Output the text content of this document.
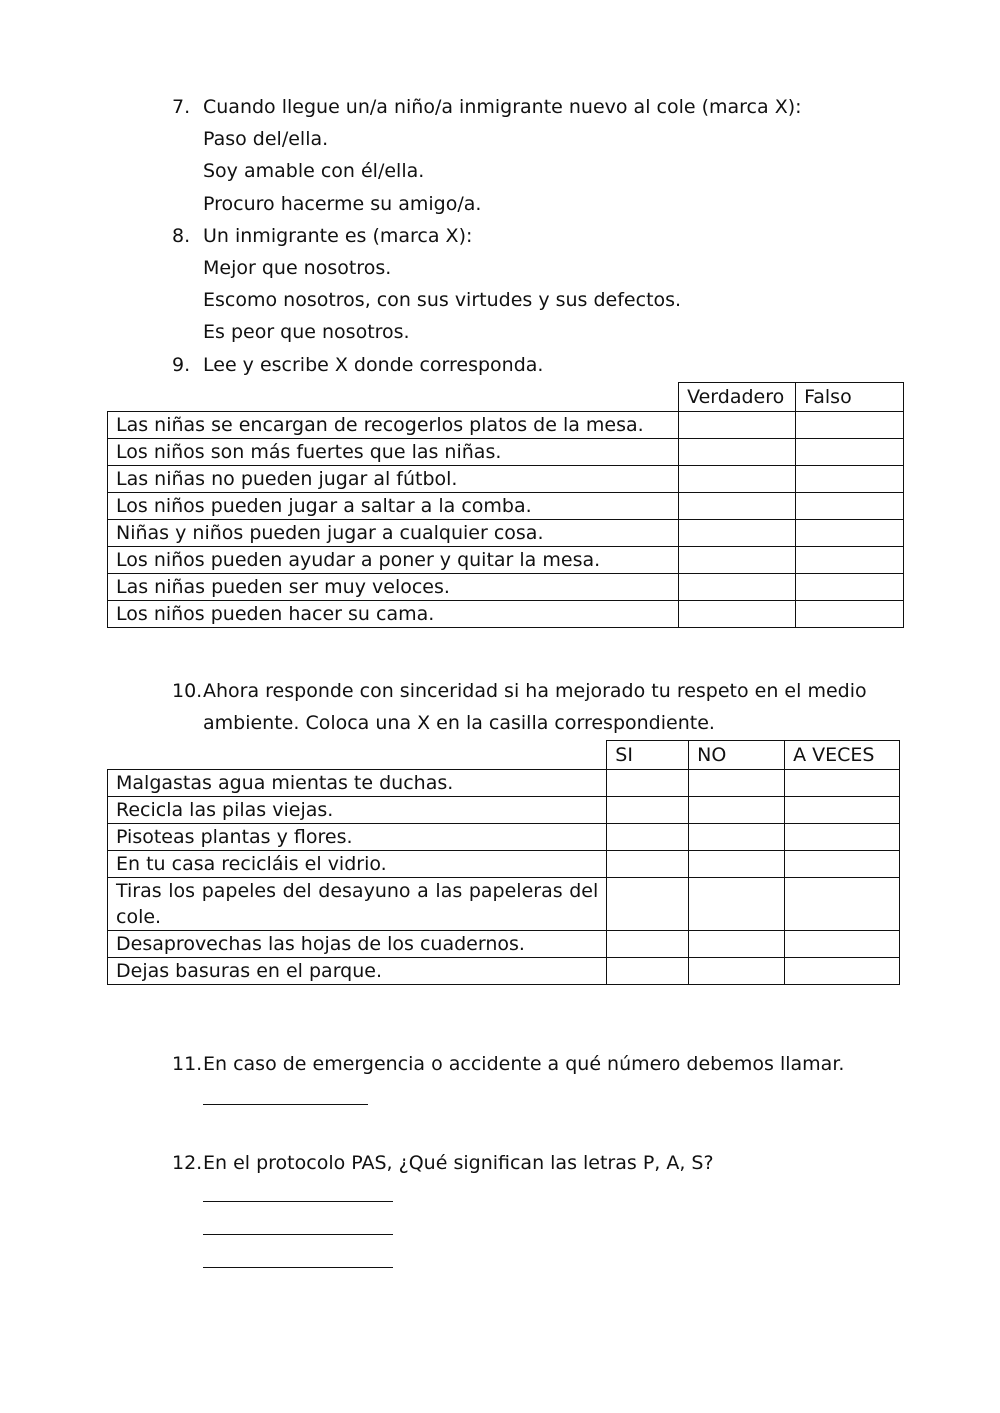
7. Cuando llegue un/a niño/a inmigrante nuevo al cole (marca X):
Paso del/ella.
Soy amable con él/ella.
Procuro hacerme su amigo/a.
8. Un inmigrante es (marca X):
Mejor que nosotros.
Escomo nosotros, con sus virtudes y sus defectos.
Es peor que nosotros.
9. Lee y escribe X donde corresponda.
	Verdadero	Falso
Las niñas se encargan de recogerlos platos de la mesa.		
Los niños son más fuertes que las niñas.		
Las niñas no pueden jugar al fútbol.		
Los niños pueden jugar a saltar a la comba.		
Niñas y niños pueden jugar a cualquier cosa.		
Los niños pueden ayudar a poner y quitar la mesa.		
Las niñas pueden ser muy veloces.		
Los niños pueden hacer su cama.		
10. Ahora responde con sinceridad si ha mejorado tu respeto en el medio
ambiente. Coloca una X en la casilla correspondiente.
	SI	NO	A VECES
Malgastas agua mientas te duchas.			
Recicla las pilas viejas.			
Pisoteas plantas y flores.			
En tu casa recicláis el vidrio.			
Tiras los papeles del desayuno a las papeleras del cole.			
Desaprovechas las hojas de los cuadernos.			
Dejas basuras en el parque.			
11. En caso de emergencia o accidente a qué número debemos llamar.
12. En el protocolo PAS, ¿Qué significan las letras P, A, S?
